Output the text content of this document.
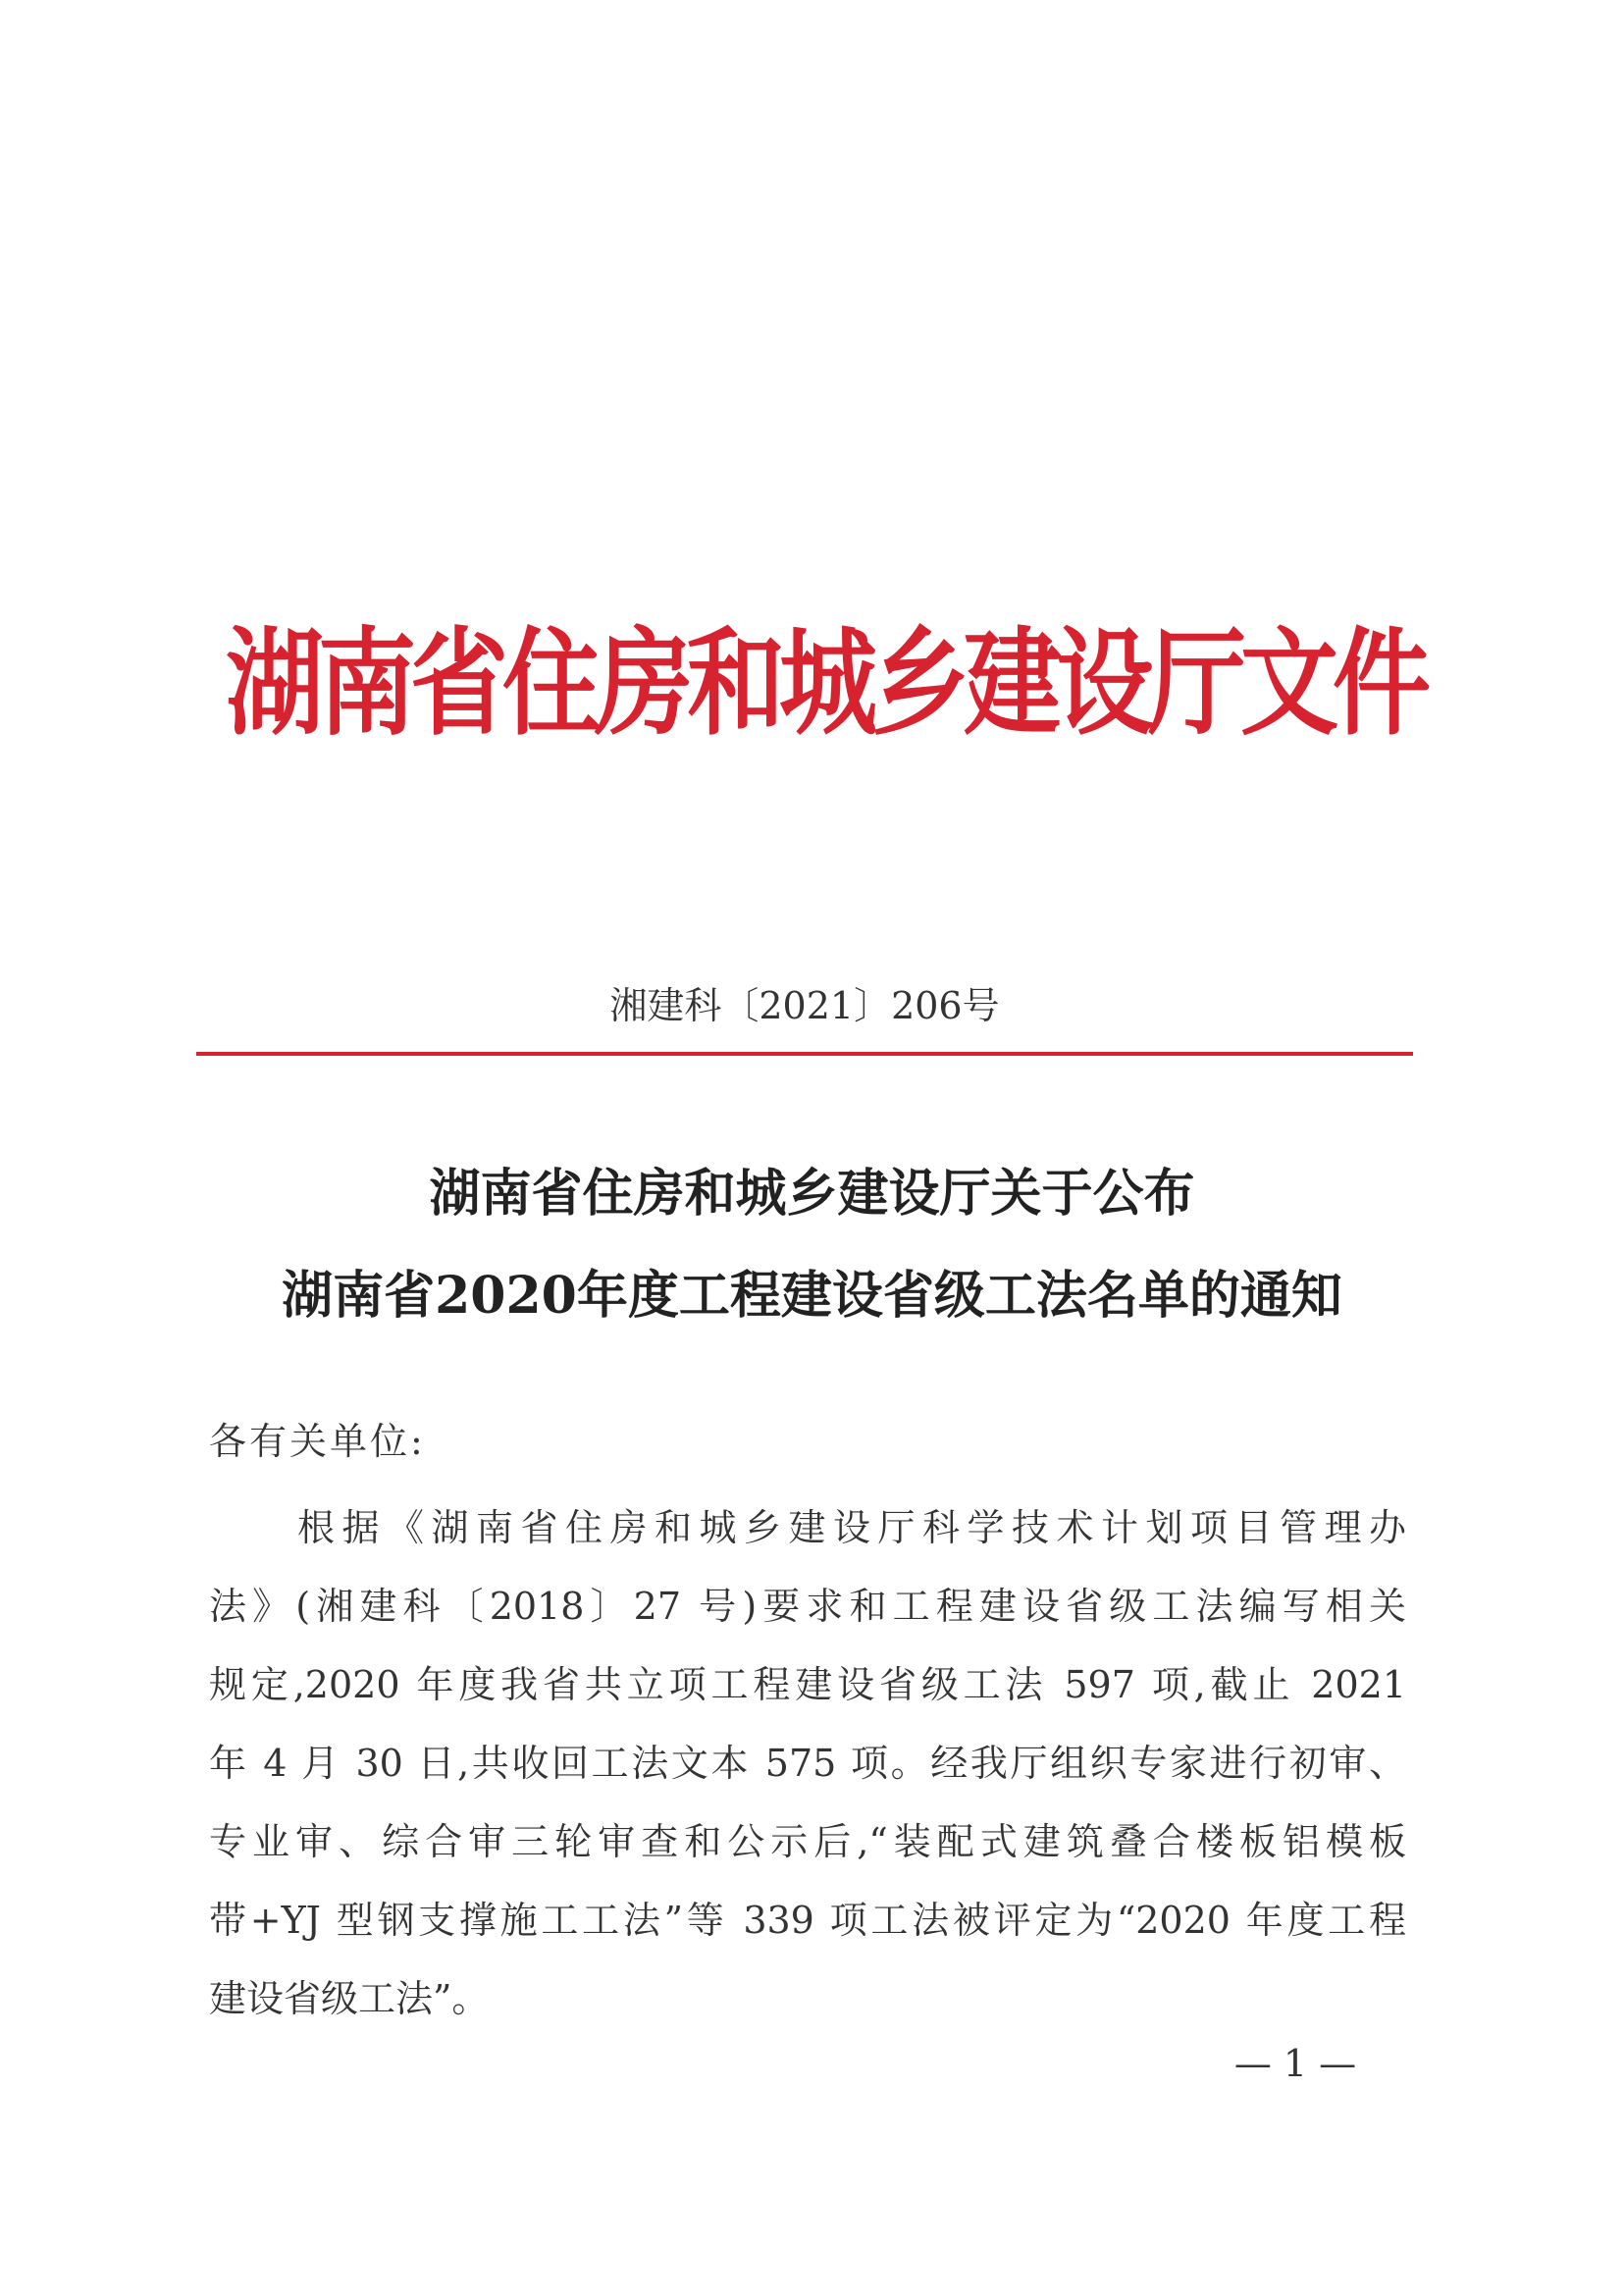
湖南省住房和城乡建设厅文件
湘建科〔2021〕206号
湖南省住房和城乡建设厅关于公布
湖南省2020年度工程建设省级工法名单的通知
各有关单位:
根据《湖南省住房和城乡建设厅科学技术计划项目管理办
法》(湘建科〔2018〕27 号)要求和工程建设省级工法编写相关
规定,2020 年度我省共立项工程建设省级工法 597 项,截止 2021
年 4 月 30 日,共收回工法文本 575 项。经我厅组织专家进行初审、
专业审、综合审三轮审查和公示后,“装配式建筑叠合楼板铝模板
带+YJ 型钢支撑施工工法”等 339 项工法被评定为“2020 年度工程
建设省级工法”。
— 1 —
